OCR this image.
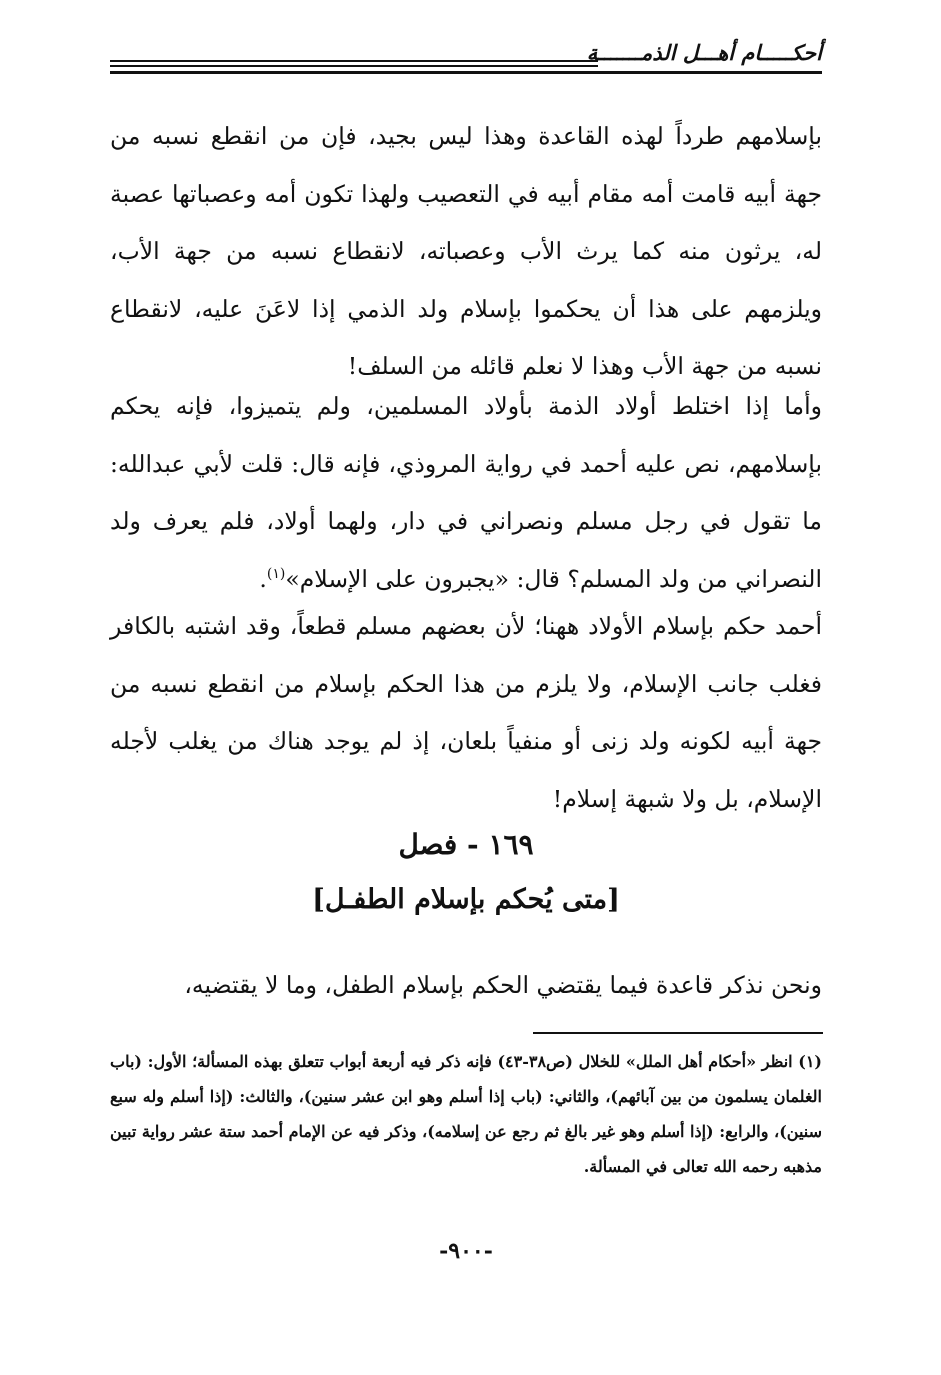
أحكـــــام أهـــل الذمـــــــة

بإسلامهم طرداً لهذه القاعدة وهذا ليس بجيد، فإن من انقطع نسبه من جهة أبيه قامت أمه مقام أبيه في التعصيب ولهذا تكون أمه وعصباتها عصبة له، يرثون منه كما يرث الأب وعصباته، لانقطاع نسبه من جهة الأب، ويلزمهم على هذا أن يحكموا بإسلام ولد الذمي إذا لاعَنَ عليه، لانقطاع نسبه من جهة الأب وهذا لا نعلم قائله من السلف!

وأما إذا اختلط أولاد الذمة بأولاد المسلمين، ولم يتميزوا، فإنه يحكم بإسلامهم، نص عليه أحمد في رواية المروذي، فإنه قال: قلت لأبي عبدالله: ما تقول في رجل مسلم ونصراني في دار، ولهما أولاد، فلم يعرف ولد النصراني من ولد المسلم؟ قال: «يجبرون على الإسلام»$^{(١)}$.

أحمد حكم بإسلام الأولاد ههنا؛ لأن بعضهم مسلم قطعاً، وقد اشتبه بالكافر فغلب جانب الإسلام، ولا يلزم من هذا الحكم بإسلام من انقطع نسبه من جهة أبيه لكونه ولد زنى أو منفياً بلعان، إذ لم يوجد هناك من يغلب لأجله الإسلام، بل ولا شبهة إسلام!

١٦٩ - فصل
[متى يُحكم بإسلام الطفـل]

ونحن نذكر قاعدة فيما يقتضي الحكم بإسلام الطفل، وما لا يقتضيه،

(١) انظر «أحكام أهل الملل» للخلال (ص٣٨-٤٣) فإنه ذكر فيه أربعة أبواب تتعلق بهذه المسألة؛ الأول: (باب الغلمان يسلمون من بين آبائهم)، والثاني: (باب إذا أسلم وهو ابن عشر سنين)، والثالث: (إذا أسلم وله سبع سنين)، والرابع: (إذا أسلم وهو غير بالغ ثم رجع عن إسلامه)، وذكر فيه عن الإمام أحمد ستة عشر رواية تبين مذهبه رحمه الله تعالى في المسألة.

-٩٠٠-
